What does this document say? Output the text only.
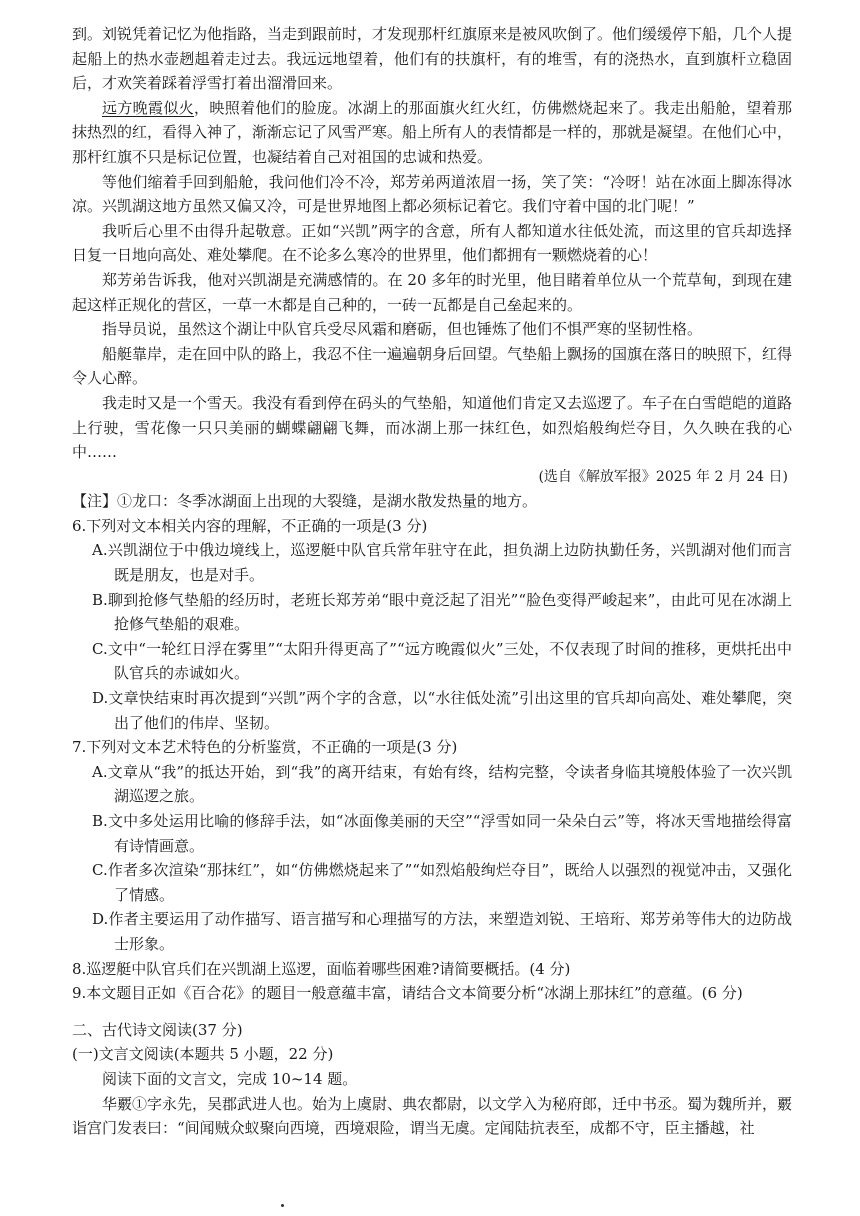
到。刘锐凭着记忆为他指路，当走到跟前时，才发现那杆红旗原来是被风吹倒了。他们缓缓停下船，几个人提起船上的热水壶趔趄着走过去。我远远地望着，他们有的扶旗杆，有的堆雪，有的浇热水，直到旗杆立稳固后，才欢笑着踩着浮雪打着出溜滑回来。

远方晚霞似火，映照着他们的脸庞。冰湖上的那面旗火红火红，仿佛燃烧起来了。我走出船舱，望着那抹热烈的红，看得入神了，渐渐忘记了风雪严寒。船上所有人的表情都是一样的，那就是凝望。在他们心中，那杆红旗不只是标记位置，也凝结着自己对祖国的忠诚和热爱。

等他们缩着手回到船舱，我问他们冷不冷，郑芳弟两道浓眉一扬，笑了笑：“冷呀！站在冰面上脚冻得冰凉。兴凯湖这地方虽然又偏又冷，可是世界地图上都必须标记着它。我们守着中国的北门呢！”

我听后心里不由得升起敬意。正如“兴凯”两字的含意，所有人都知道水往低处流，而这里的官兵却选择日复一日地向高处、难处攀爬。在不论多么寒冷的世界里，他们都拥有一颗燃烧着的心！

郑芳弟告诉我，他对兴凯湖是充满感情的。在 20 多年的时光里，他目睹着单位从一个荒草甸，到现在建起这样正规化的营区，一草一木都是自己种的，一砖一瓦都是自己垒起来的。

指导员说，虽然这个湖让中队官兵受尽风霜和磨砺，但也锤炼了他们不惧严寒的坚韧性格。

船艇靠岸，走在回中队的路上，我忍不住一遍遍朝身后回望。气垫船上飘扬的国旗在落日的映照下，红得令人心醉。

我走时又是一个雪天。我没有看到停在码头的气垫船，知道他们肯定又去巡逻了。车子在白雪皑皑的道路上行驶，雪花像一只只美丽的蝴蝶翩翩飞舞，而冰湖上那一抹红色，如烈焰般绚烂夺目，久久映在我的心中……

(选自《解放军报》2025 年 2 月 24 日)

【注】①龙口：冬季冰湖面上出现的大裂缝，是湖水散发热量的地方。

6.下列对文本相关内容的理解，不正确的一项是(3 分)

A.兴凯湖位于中俄边境线上，巡逻艇中队官兵常年驻守在此，担负湖上边防执勤任务，兴凯湖对他们而言既是朋友，也是对手。

B.聊到抢修气垫船的经历时，老班长郑芳弟“眼中竟泛起了泪光”“脸色变得严峻起来”，由此可见在冰湖上抢修气垫船的艰难。

C.文中“一轮红日浮在雾里”“太阳升得更高了”“远方晚霞似火”三处，不仅表现了时间的推移，更烘托出中队官兵的赤诚如火。

D.文章快结束时再次提到“兴凯”两个字的含意，以“水往低处流”引出这里的官兵却向高处、难处攀爬，突出了他们的伟岸、坚韧。

7.下列对文本艺术特色的分析鉴赏，不正确的一项是(3 分)

A.文章从“我”的抵达开始，到“我”的离开结束，有始有终，结构完整，令读者身临其境般体验了一次兴凯湖巡逻之旅。

B.文中多处运用比喻的修辞手法，如“冰面像美丽的天空”“浮雪如同一朵朵白云”等，将冰天雪地描绘得富有诗情画意。

C.作者多次渲染“那抹红”，如“仿佛燃烧起来了”“如烈焰般绚烂夺目”，既给人以强烈的视觉冲击，又强化了情感。

D.作者主要运用了动作描写、语言描写和心理描写的方法，来塑造刘锐、王培珩、郑芳弟等伟大的边防战士形象。

8.巡逻艇中队官兵们在兴凯湖上巡逻，面临着哪些困难?请简要概括。(4 分)

9.本文题目正如《百合花》的题目一般意蕴丰富，请结合文本简要分析“冰湖上那抹红”的意蕴。(6 分)

二、古代诗文阅读(37 分)

(一)文言文阅读(本题共 5 小题，22 分)

阅读下面的文言文，完成 10~14 题。

华覈①字永先，吴郡武进人也。始为上虞尉、典农都尉，以文学入为秘府郎，迁中书丞。蜀为魏所并，覈诣宫门发表曰：“间闻贼众蚁聚向西境，西境艰险，谓当无虞。定闻陆抗表至，成都不守，臣主播越，社
